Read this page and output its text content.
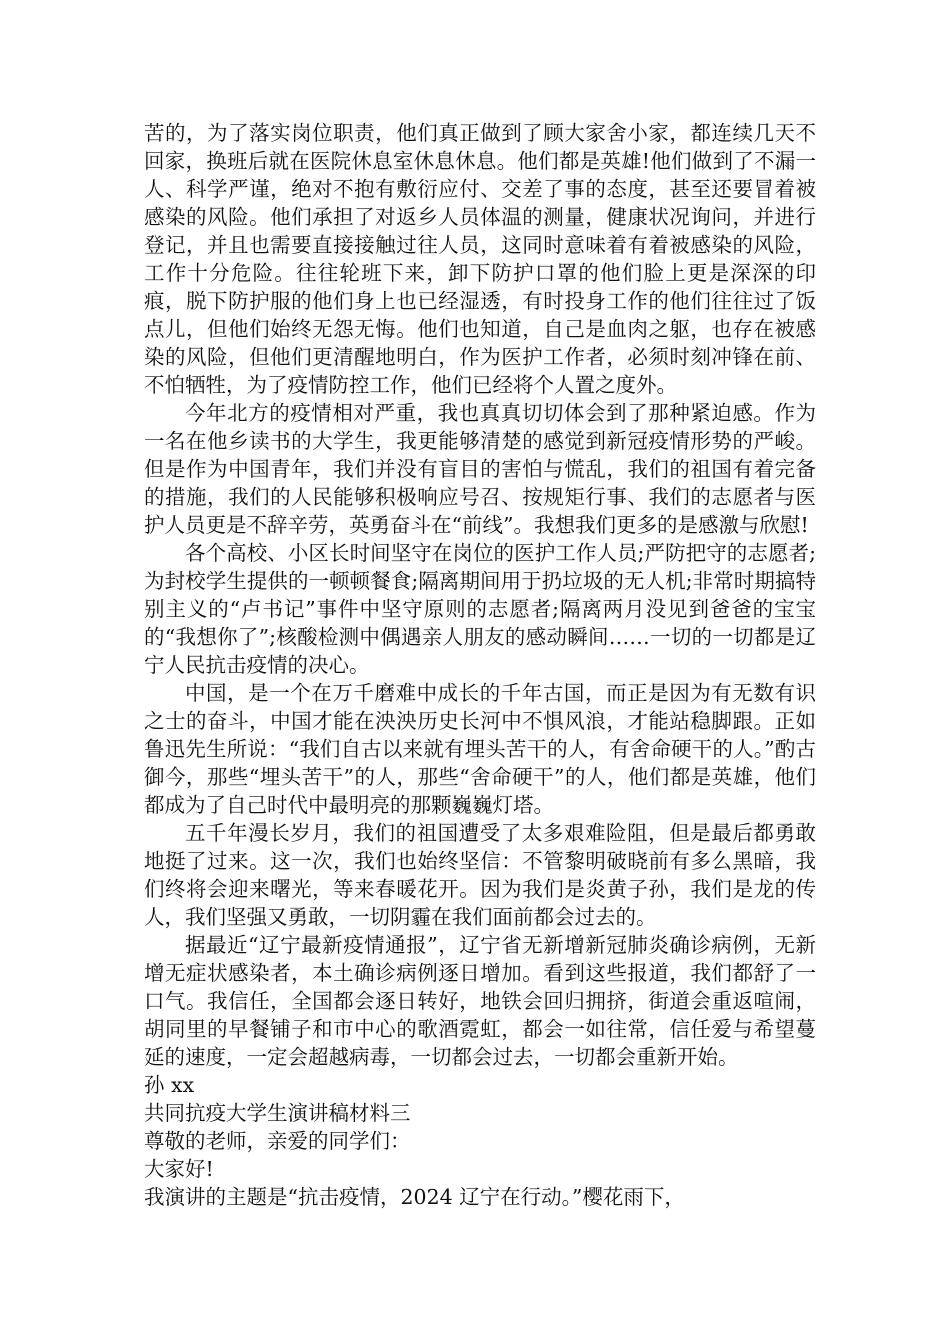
苦的，为了落实岗位职责，他们真正做到了顾大家舍小家，都连续几天不回家，换班后就在医院休息室休息休息。他们都是英雄!他们做到了不漏一人、科学严谨，绝对不抱有敷衍应付、交差了事的态度，甚至还要冒着被感染的风险。他们承担了对返乡人员体温的测量，健康状况询问，并进行登记，并且也需要直接接触过往人员，这同时意味着有着被感染的风险，工作十分危险。往往轮班下来，卸下防护口罩的他们脸上更是深深的印痕，脱下防护服的他们身上也已经湿透，有时投身工作的他们往往过了饭点儿，但他们始终无怨无悔。他们也知道，自己是血肉之躯，也存在被感染的风险，但他们更清醒地明白，作为医护工作者，必须时刻冲锋在前、不怕牺牲，为了疫情防控工作，他们已经将个人置之度外。

今年北方的疫情相对严重，我也真真切切体会到了那种紧迫感。作为一名在他乡读书的大学生，我更能够清楚的感觉到新冠疫情形势的严峻。但是作为中国青年，我们并没有盲目的害怕与慌乱，我们的祖国有着完备的措施，我们的人民能够积极响应号召、按规矩行事、我们的志愿者与医护人员更是不辞辛劳，英勇奋斗在“前线”。我想我们更多的是感激与欣慰!

各个高校、小区长时间坚守在岗位的医护工作人员;严防把守的志愿者;为封校学生提供的一顿顿餐食;隔离期间用于扔垃圾的无人机;非常时期搞特别主义的“卢书记”事件中坚守原则的志愿者;隔离两月没见到爸爸的宝宝的“我想你了”;核酸检测中偶遇亲人朋友的感动瞬间……一切的一切都是辽宁人民抗击疫情的决心。

中国，是一个在万千磨难中成长的千年古国，而正是因为有无数有识之士的奋斗，中国才能在泱泱历史长河中不惧风浪，才能站稳脚跟。正如鲁迅先生所说：“我们自古以来就有埋头苦干的人，有舍命硬干的人。”酌古御今，那些“埋头苦干”的人，那些“舍命硬干”的人，他们都是英雄，他们都成为了自己时代中最明亮的那颗巍巍灯塔。

五千年漫长岁月，我们的祖国遭受了太多艰难险阻，但是最后都勇敢地挺了过来。这一次，我们也始终坚信：不管黎明破晓前有多么黑暗，我们终将会迎来曙光，等来春暖花开。因为我们是炎黄子孙，我们是龙的传人，我们坚强又勇敢，一切阴霾在我们面前都会过去的。

据最近“辽宁最新疫情通报”，辽宁省无新增新冠肺炎确诊病例，无新增无症状感染者，本土确诊病例逐日增加。看到这些报道，我们都舒了一口气。我信任，全国都会逐日转好，地铁会回归拥挤，街道会重返喧闹，胡同里的早餐铺子和市中心的歌酒霓虹，都会一如往常，信任爱与希望蔓延的速度，一定会超越病毒，一切都会过去，一切都会重新开始。

孙 xx

共同抗疫大学生演讲稿材料三

尊敬的老师，亲爱的同学们：

大家好!

我演讲的主题是“抗击疫情，2024 辽宁在行动。”樱花雨下，
